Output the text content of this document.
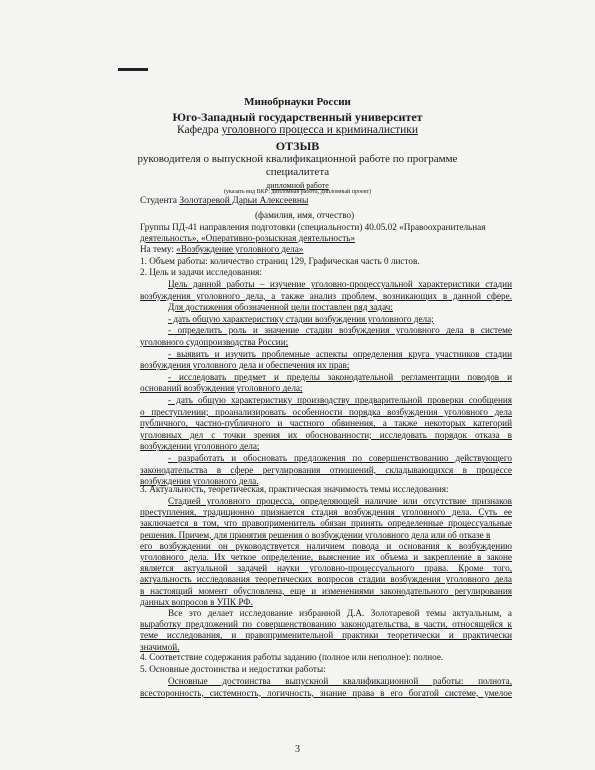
Минобрнауки России
Юго-Западный государственный университет
Кафедра уголовного процесса и криминалистики
ОТЗЫВ
руководителя о выпускной квалификационной работе по программе
специалитета
дипломной работе
(указать вид ВКР: дипломная работа, дипломный проект)
Студента Золотаревой Дарьи Алексеевны
(фамилия, имя, отчество)
Группы ПД-41 направления подготовки (специальности) 40.05.02 «Правоохранительная
деятельность», «Оперативно-розыскная деятельность»
На тему: «Возбуждение уголовного дела»
1. Объем работы: количество страниц 129, Графическая часть 0 листов.
2. Цель и задачи исследования:
Цель данной работы – изучение уголовно-процессуальной характеристики стадии
возбуждения уголовного дела, а также анализ проблем, возникающих в данной сфере.
Для достижения обозначенной цели поставлен ряд задач:
- дать общую характеристику стадии возбуждения уголовного дела;
- определить роль и значение стадии возбуждения уголовного дела в системе
уголовного судопроизводства России;
- выявить и изучить проблемные аспекты определения круга участников стадии
возбуждения уголовного дела и обеспечения их прав;
- исследовать предмет и пределы законодательной регламентации поводов и
оснований возбуждения уголовного дела;
- дать общую характеристику производству предварительной проверки сообщения
о преступлении; проанализировать особенности порядка возбуждения уголовного дела
публичного, частно-публичного и частного обвинения, а также некоторых категорий
уголовных дел с точки зрения их обоснованности; исследовать порядок отказа в
возбуждении уголовного дела;
- разработать и обосновать предложения по совершенствованию действующего
законодательства в сфере регулирования отношений, складывающихся в процессе
возбуждения уголовного дела.
3. Актуальность, теоретическая, практическая значимость темы исследования:
Стадией уголовного процесса, определяющей наличие или отсутствие признаков
преступления, традиционно признается стадия возбуждения уголовного дела. Суть ее
заключается в том, что правоприменитель обязан принять определенные процессуальные
решения. Причем, для принятия решения о возбуждении уголовного дела или об отказе в
его возбуждении он руководствуется наличием повода и основания к возбуждению
уголовного дела. Их четкое определение, выяснение их объема и закрепление в законе
является актуальной задачей науки уголовно-процессуального права. Кроме того,
актуальность исследования теоретических вопросов стадии возбуждения уголовного дела
в настоящий момент обусловлена, еще и изменениями законодательного регулирования
данных вопросов в УПК РФ.
Все это делает исследование избранной Д.А. Золотаревой темы актуальным, а
выработку предложений по совершенствованию законодательства, в части, относящейся к
теме исследования, и правоприменительной практики теоретически и практически
значимой.
4. Соответствие содержания работы заданию (полное или неполное): полное.
5. Основные достоинства и недостатки работы:
Основные достоинства выпускной квалификационной работы: полнота,
всесторонность, системность, логичность, знание права в его богатой системе, умелое
3
